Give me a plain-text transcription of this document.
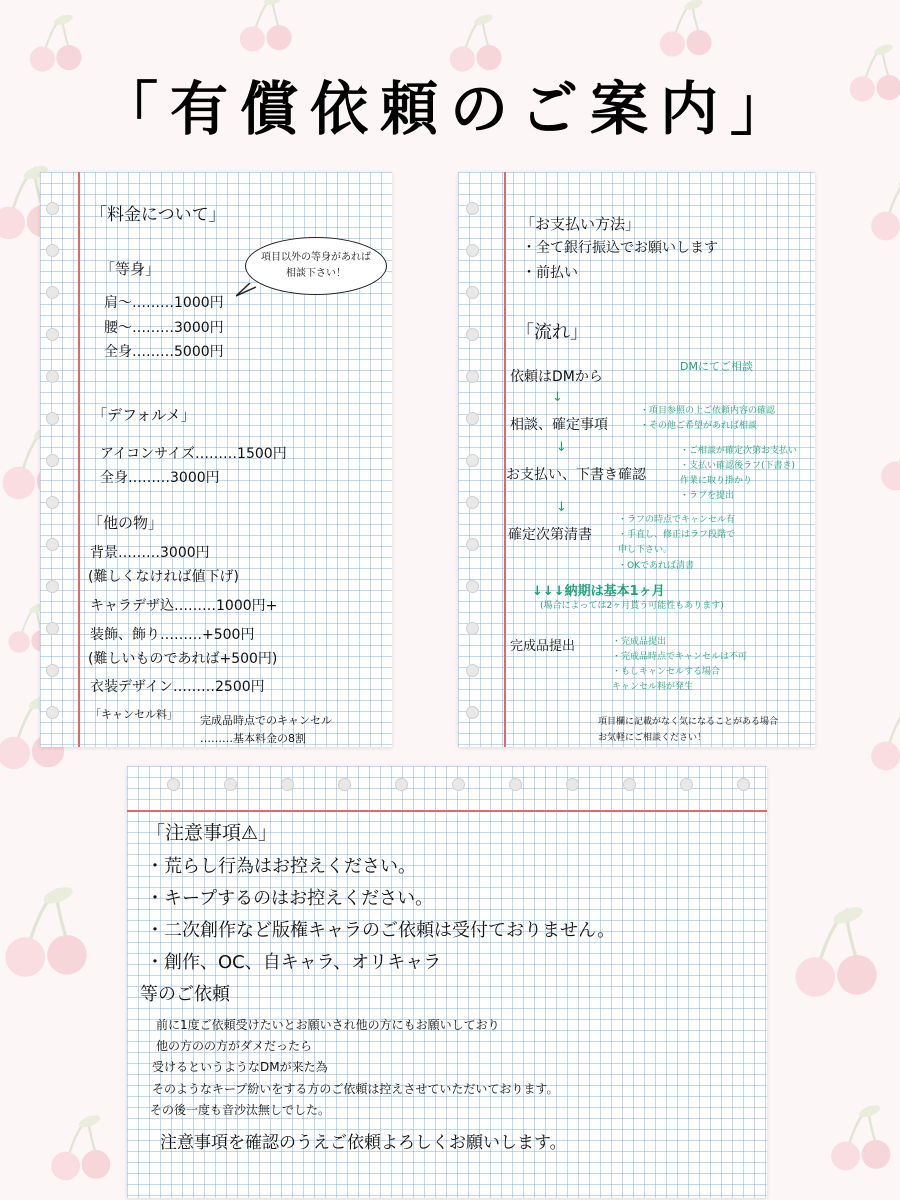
「有償依頼のご案内」
「料金について」
項目以外の等身があれば
相談下さい！
「等身」
肩～………1000円
腰～………3000円
全身………5000円
「デフォルメ」
アイコンサイズ………1500円
全身………3000円
「他の物」
背景………3000円
(難しくなければ値下げ)
キャラデザ込………1000円+
装飾、飾り………+500円
(難しいものであれば+500円)
衣装デザイン………2500円
「キャンセル料」 完成品時点でのキャンセル
………基本料金の8割
「お支払い方法」
・全て銀行振込でお願いします
・前払い
「流れ」
依頼はDMから
DMにてご相談
↓
相談、確定事項
・項目参照の上ご依頼内容の確認
・その他ご希望があれば相談
↓
お支払い、下書き確認
・ご相談が確定次第お支払い
・支払い確認後ラフ(下書き)
作業に取り掛かり
・ラフを提出
↓
確定次第清書
・ラフの時点でキャンセル有
・手直し、修正はラフ段階で
申し下さい。
・OKであれば清書
↓↓↓納期は基本1ヶ月
(場合によっては2ヶ月貰う可能性もあります)
完成品提出	・完成品提出
・完成品時点でキャンセルは不可
・もしキャンセルする場合
キャンセル料が発生
項目欄に記載がなく気になることがある場合
お気軽にご相談ください！
「注意事項⚠」
・荒らし行為はお控えください。
・キープするのはお控えください。
・二次創作など版権キャラのご依頼は受付ておりません。
・創作、OC、自キャラ、オリキャラ
等のご依頼
前に1度ご依頼受けたいとお願いされ他の方にもお願いしており
他の方のの方がダメだったら
受けるというようなDMが来た為
そのようなキープ紛いをする方のご依頼は控えさせていただいております。
その後一度も音沙汰無しでした。
注意事項を確認のうえご依頼よろしくお願いします。
